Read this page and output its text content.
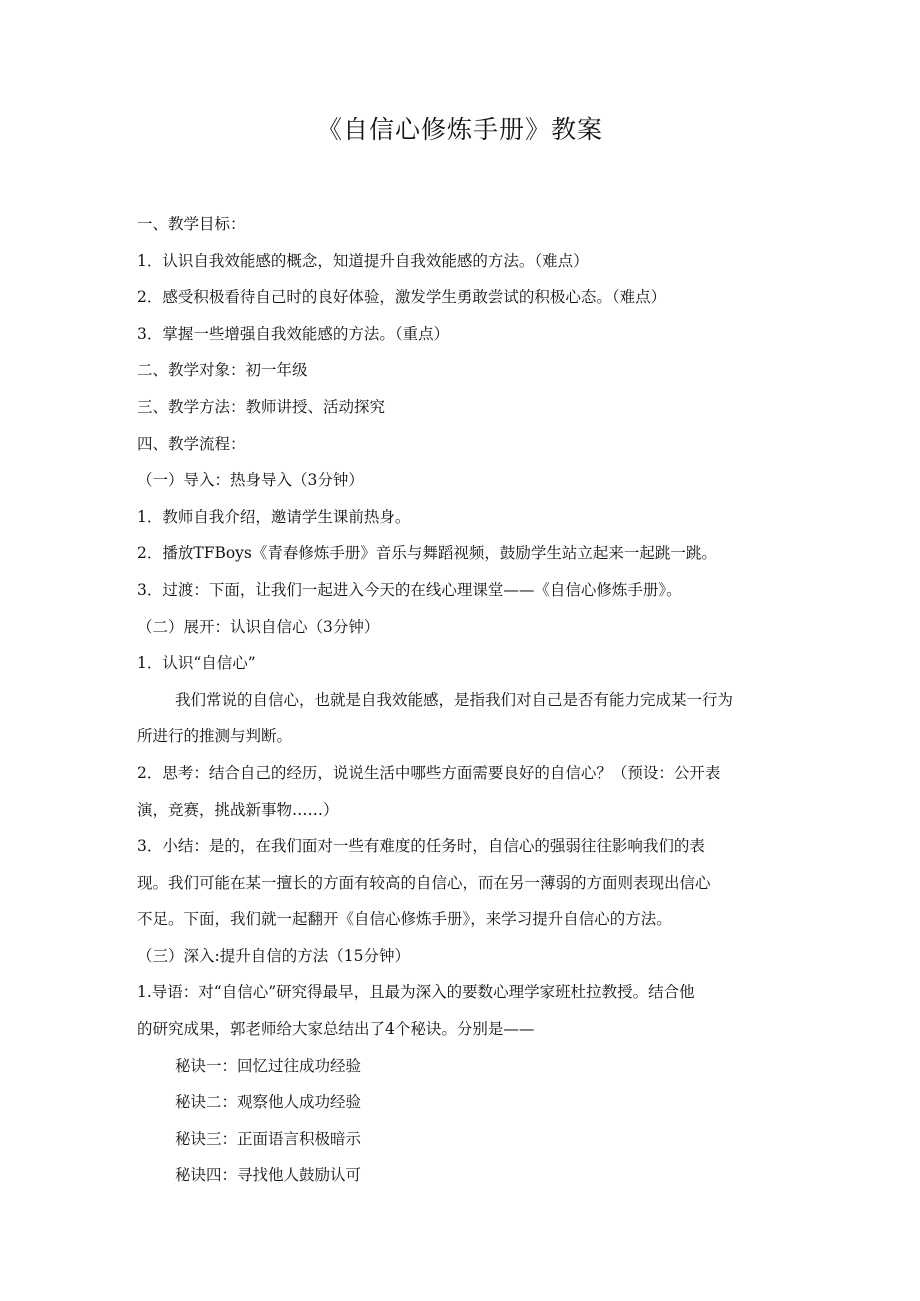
《自信心修炼手册》教案
一、教学目标：
1．认识自我效能感的概念，知道提升自我效能感的方法。（难点）
2．感受积极看待自己时的良好体验，激发学生勇敢尝试的积极心态。（难点）
3．掌握一些增强自我效能感的方法。（重点）
二、教学对象：初一年级
三、教学方法：教师讲授、活动探究
四、教学流程：
（一）导入：热身导入（3分钟）
1．教师自我介绍，邀请学生课前热身。
2．播放TFBoys《青春修炼手册》音乐与舞蹈视频，鼓励学生站立起来一起跳一跳。
3．过渡：下面，让我们一起进入今天的在线心理课堂——《自信心修炼手册》。
（二）展开：认识自信心（3分钟）
1．认识“自信心”
我们常说的自信心，也就是自我效能感，是指我们对自己是否有能力完成某一行为
所进行的推测与判断。
2．思考：结合自己的经历，说说生活中哪些方面需要良好的自信心？（预设：公开表
演，竞赛，挑战新事物……）
3．小结：是的，在我们面对一些有难度的任务时，自信心的强弱往往影响我们的表
现。我们可能在某一擅长的方面有较高的自信心，而在另一薄弱的方面则表现出信心
不足。下面，我们就一起翻开《自信心修炼手册》，来学习提升自信心的方法。
（三）深入:提升自信的方法（15分钟）
1.导语：对“自信心”研究得最早，且最为深入的要数心理学家班杜拉教授。结合他
的研究成果，郭老师给大家总结出了4个秘诀。分别是——
秘诀一：回忆过往成功经验
秘诀二：观察他人成功经验
秘诀三：正面语言积极暗示
秘诀四：寻找他人鼓励认可
